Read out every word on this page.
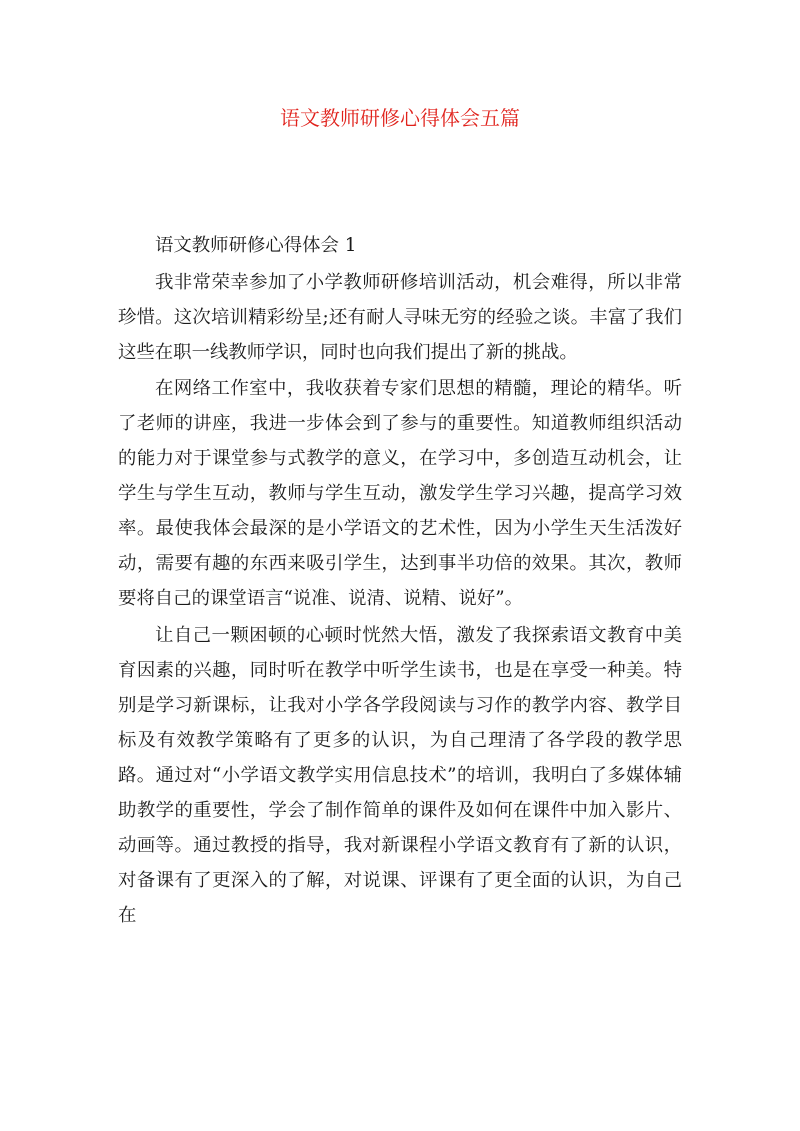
语文教师研修心得体会五篇

语文教师研修心得体会 1

我非常荣幸参加了小学教师研修培训活动，机会难得，所以非常珍惜。这次培训精彩纷呈;还有耐人寻味无穷的经验之谈。丰富了我们这些在职一线教师学识，同时也向我们提出了新的挑战。

在网络工作室中，我收获着专家们思想的精髓，理论的精华。听了老师的讲座，我进一步体会到了参与的重要性。知道教师组织活动的能力对于课堂参与式教学的意义，在学习中，多创造互动机会，让学生与学生互动，教师与学生互动，激发学生学习兴趣，提高学习效率。最使我体会最深的是小学语文的艺术性，因为小学生天生活泼好动，需要有趣的东西来吸引学生，达到事半功倍的效果。其次，教师要将自己的课堂语言“说准、说清、说精、说好”。

让自己一颗困顿的心顿时恍然大悟，激发了我探索语文教育中美育因素的兴趣，同时听在教学中听学生读书，也是在享受一种美。特别是学习新课标，让我对小学各学段阅读与习作的教学内容、教学目标及有效教学策略有了更多的认识，为自己理清了各学段的教学思路。通过对“小学语文教学实用信息技术”的培训，我明白了多媒体辅助教学的重要性，学会了制作简单的课件及如何在课件中加入影片、动画等。通过教授的指导，我对新课程小学语文教育有了新的认识，对备课有了更深入的了解，对说课、评课有了更全面的认识，为自己在
